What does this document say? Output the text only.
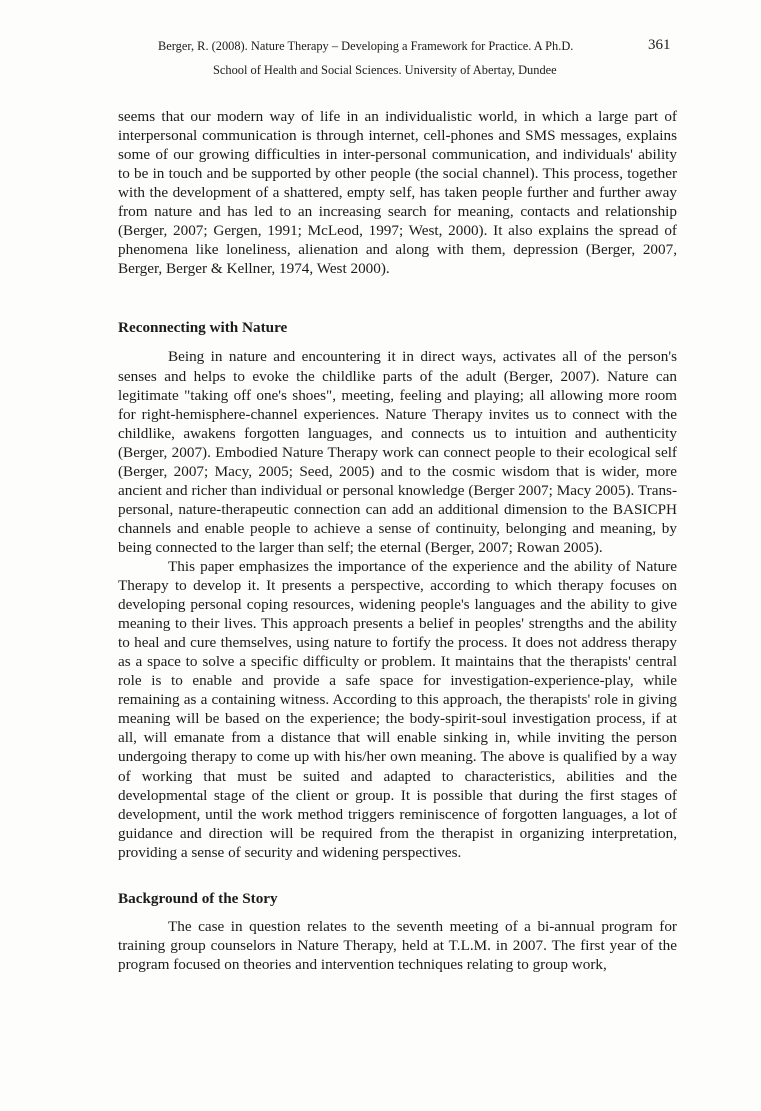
Berger, R. (2008). Nature Therapy – Developing a Framework for Practice. A Ph.D.	361
School of Health and Social Sciences. University of Abertay, Dundee

seems that our modern way of life in an individualistic world, in which a large part of interpersonal communication is through internet, cell-phones and SMS messages, explains some of our growing difficulties in inter-personal communication, and individuals' ability to be in touch and be supported by other people (the social channel). This process, together with the development of a shattered, empty self, has taken people further and further away from nature and has led to an increasing search for meaning, contacts and relationship (Berger, 2007; Gergen, 1991; McLeod, 1997; West, 2000). It also explains the spread of phenomena like loneliness, alienation and along with them, depression (Berger, 2007, Berger, Berger & Kellner, 1974, West 2000).

Reconnecting with Nature

Being in nature and encountering it in direct ways, activates all of the person's senses and helps to evoke the childlike parts of the adult (Berger, 2007). Nature can legitimate "taking off one's shoes", meeting, feeling and playing; all allowing more room for right-hemisphere-channel experiences. Nature Therapy invites us to connect with the childlike, awakens forgotten languages, and connects us to intuition and authenticity (Berger, 2007). Embodied Nature Therapy work can connect people to their ecological self (Berger, 2007; Macy, 2005; Seed, 2005) and to the cosmic wisdom that is wider, more ancient and richer than individual or personal knowledge (Berger 2007; Macy 2005). Trans-personal, nature-therapeutic connection can add an additional dimension to the BASICPH channels and enable people to achieve a sense of continuity, belonging and meaning, by being connected to the larger than self; the eternal (Berger, 2007; Rowan 2005).

This paper emphasizes the importance of the experience and the ability of Nature Therapy to develop it. It presents a perspective, according to which therapy focuses on developing personal coping resources, widening people's languages and the ability to give meaning to their lives. This approach presents a belief in peoples' strengths and the ability to heal and cure themselves, using nature to fortify the process. It does not address therapy as a space to solve a specific difficulty or problem. It maintains that the therapists' central role is to enable and provide a safe space for investigation-experience-play, while remaining as a containing witness. According to this approach, the therapists' role in giving meaning will be based on the experience; the body-spirit-soul investigation process, if at all, will emanate from a distance that will enable sinking in, while inviting the person undergoing therapy to come up with his/her own meaning. The above is qualified by a way of working that must be suited and adapted to characteristics, abilities and the developmental stage of the client or group. It is possible that during the first stages of development, until the work method triggers reminiscence of forgotten languages, a lot of guidance and direction will be required from the therapist in organizing interpretation, providing a sense of security and widening perspectives.

Background of the Story

The case in question relates to the seventh meeting of a bi-annual program for training group counselors in Nature Therapy, held at T.L.M. in 2007. The first year of the program focused on theories and intervention techniques relating to group work,
